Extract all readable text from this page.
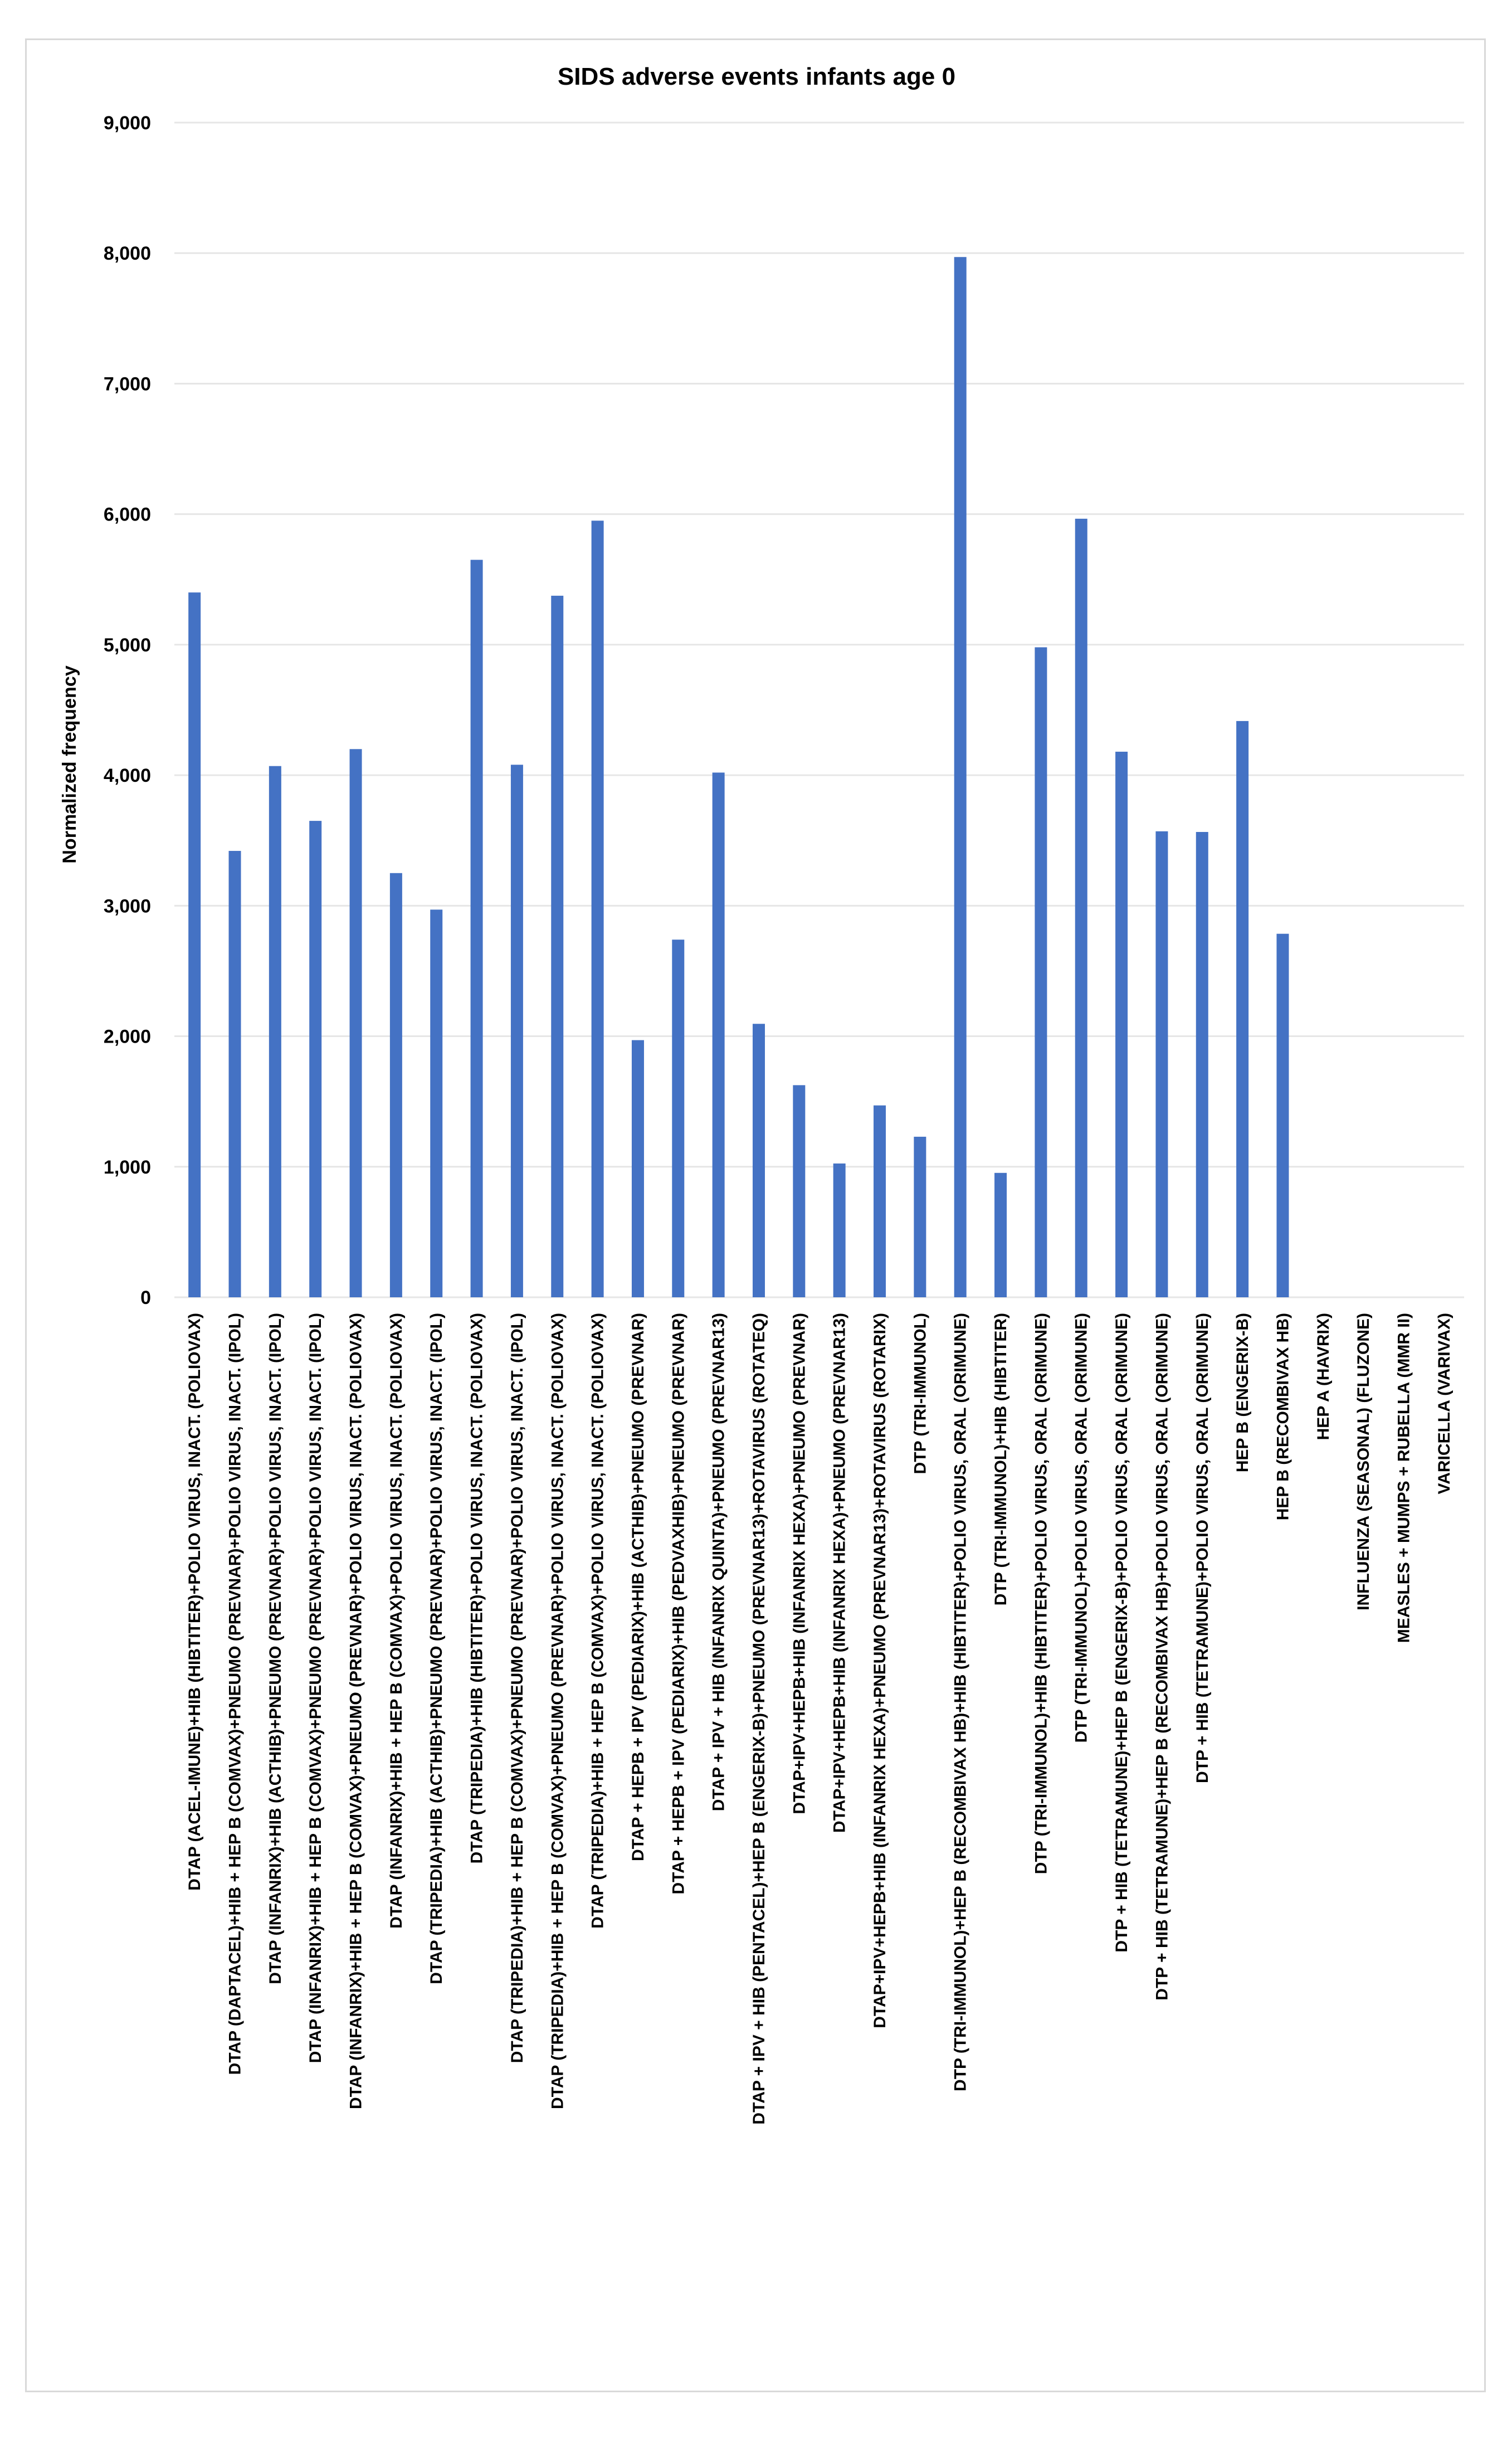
SIDS adverse events infants age 0
0
1,000
2,000
3,000
4,000
5,000
6,000
7,000
8,000
9,000
Normalized frequency
DTAP (ACEL-IMUNE)+HIB (HIBTITER)+POLIO VIRUS, INACT. (POLIOVAX) DTAP (DAPTACEL)+HIB + HEP B (COMVAX)+PNEUMO (PREVNAR)+POLIO VIRUS, INACT. (IPOL) DTAP (INFANRIX)+HIB (ACTHIB)+PNEUMO (PREVNAR)+POLIO VIRUS, INACT. (IPOL) DTAP (INFANRIX)+HIB + HEP B (COMVAX)+PNEUMO (PREVNAR)+POLIO VIRUS, INACT. (IPOL) DTAP (INFANRIX)+HIB + HEP B (COMVAX)+PNEUMO (PREVNAR)+POLIO VIRUS, INACT. (POLIOVAX) DTAP (INFANRIX)+HIB + HEP B (COMVAX)+POLIO VIRUS, INACT. (POLIOVAX) DTAP (TRIPEDIA)+HIB (ACTHIB)+PNEUMO (PREVNAR)+POLIO VIRUS, INACT. (IPOL) DTAP (TRIPEDIA)+HIB (HIBTITER)+POLIO VIRUS, INACT. (POLIOVAX) DTAP (TRIPEDIA)+HIB + HEP B (COMVAX)+PNEUMO (PREVNAR)+POLIO VIRUS, INACT. (IPOL) DTAP (TRIPEDIA)+HIB + HEP B (COMVAX)+PNEUMO (PREVNAR)+POLIO VIRUS, INACT. (POLIOVAX) DTAP (TRIPEDIA)+HIB + HEP B (COMVAX)+POLIO VIRUS, INACT. (POLIOVAX) DTAP + HEPB + IPV (PEDIARIX)+HIB (ACTHIB)+PNEUMO (PREVNAR) DTAP + HEPB + IPV (PEDIARIX)+HIB (PEDVAXHIB)+PNEUMO (PREVNAR) DTAP + IPV + HIB (INFANRIX QUINTA)+PNEUMO (PREVNAR13) DTAP + IPV + HIB (PENTACEL)+HEP B (ENGERIX-B)+PNEUMO (PREVNAR13)+ROTAVIRUS (ROTATEQ) DTAP+IPV+HEPB+HIB (INFANRIX HEXA)+PNEUMO (PREVNAR) DTAP+IPV+HEPB+HIB (INFANRIX HEXA)+PNEUMO (PREVNAR13) DTAP+IPV+HEPB+HIB (INFANRIX HEXA)+PNEUMO (PREVNAR13)+ROTAVIRUS (ROTARIX) DTP (TRI-IMMUNOL) DTP (TRI-IMMUNOL)+HEP B (RECOMBIVAX HB)+HIB (HIBTITER)+POLIO VIRUS, ORAL (ORIMUNE) DTP (TRI-IMMUNOL)+HIB (HIBTITER) DTP (TRI-IMMUNOL)+HIB (HIBTITER)+POLIO VIRUS, ORAL (ORIMUNE) DTP (TRI-IMMUNOL)+POLIO VIRUS, ORAL (ORIMUNE) DTP + HIB (TETRAMUNE)+HEP B (ENGERIX-B)+POLIO VIRUS, ORAL (ORIMUNE) DTP + HIB (TETRAMUNE)+HEP B (RECOMBIVAX HB)+POLIO VIRUS, ORAL (ORIMUNE) DTP + HIB (TETRAMUNE)+POLIO VIRUS, ORAL (ORIMUNE) HEP B (ENGERIX-B) HEP B (RECOMBIVAX HB) HEP A (HAVRIX) INFLUENZA (SEASONAL) (FLUZONE) MEASLES + MUMPS + RUBELLA (MMR II) VARICELLA (VARIVAX)
